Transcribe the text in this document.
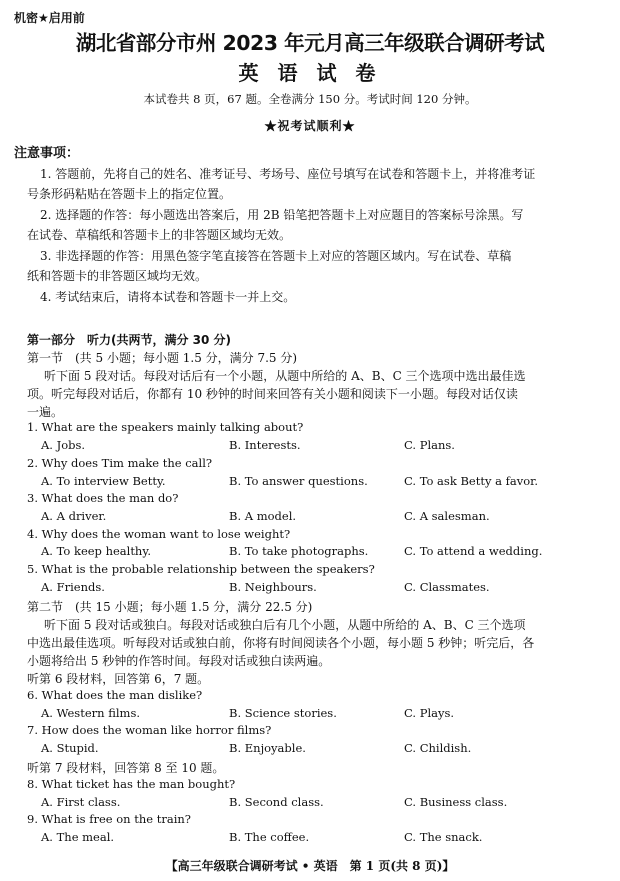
机密★启用前
湖北省部分市州 2023 年元月高三年级联合调研考试
英 语 试 卷
本试卷共 8 页，67 题。全卷满分 150 分。考试时间 120 分钟。
★祝考试顺利★
注意事项：
1. 答题前，先将自己的姓名、准考证号、考场号、座位号填写在试卷和答题卡上，并将准考证
号条形码粘贴在答题卡上的指定位置。
2. 选择题的作答：每小题选出答案后，用 2B 铅笔把答题卡上对应题目的答案标号涂黑。写
在试卷、草稿纸和答题卡上的非答题区域均无效。
3. 非选择题的作答：用黑色签字笔直接答在答题卡上对应的答题区域内。写在试卷、草稿
纸和答题卡的非答题区域均无效。
4. 考试结束后，请将本试卷和答题卡一并上交。
第一部分　听力(共两节，满分 30 分)
第一节　(共 5 小题；每小题 1.5 分，满分 7.5 分)
听下面 5 段对话。每段对话后有一个小题，从题中所给的 A、B、C 三个选项中选出最佳选
项。听完每段对话后，你都有 10 秒钟的时间来回答有关小题和阅读下一小题。每段对话仅读
一遍。
1. What are the speakers mainly talking about?
A. Jobs.	B. Interests.	C. Plans.
2. Why does Tim make the call?
A. To interview Betty.	B. To answer questions.	C. To ask Betty a favor.
3. What does the man do?
A. A driver.	B. A model.	C. A salesman.
4. Why does the woman want to lose weight?
A. To keep healthy.	B. To take photographs.	C. To attend a wedding.
5. What is the probable relationship between the speakers?
A. Friends.	B. Neighbours.	C. Classmates.
第二节　(共 15 小题；每小题 1.5 分，满分 22.5 分)
听下面 5 段对话或独白。每段对话或独白后有几个小题，从题中所给的 A、B、C 三个选项
中选出最佳选项。听每段对话或独白前，你将有时间阅读各个小题，每小题 5 秒钟；听完后，各
小题将给出 5 秒钟的作答时间。每段对话或独白读两遍。
听第 6 段材料，回答第 6，7 题。
6. What does the man dislike?
A. Western films.	B. Science stories.	C. Plays.
7. How does the woman like horror films?
A. Stupid.	B. Enjoyable.	C. Childish.
听第 7 段材料，回答第 8 至 10 题。
8. What ticket has the man bought?
A. First class.	B. Second class.	C. Business class.
9. What is free on the train?
A. The meal.	B. The coffee.	C. The snack.
【高三年级联合调研考试 • 英语　第 1 页(共 8 页)】
